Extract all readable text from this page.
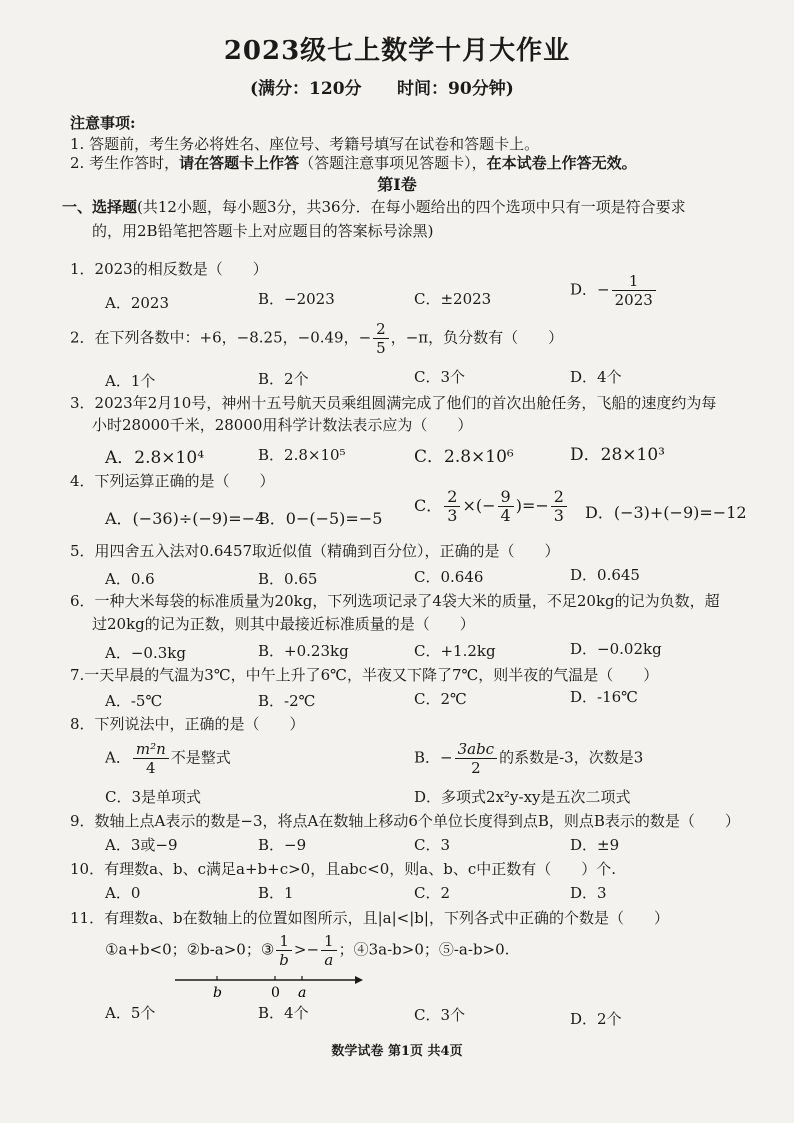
2023级七上数学十月大作业
(满分：120分 时间：90分钟)
注意事项:
1. 答题前，考生务必将姓名、座位号、考籍号填写在试卷和答题卡上。
2. 考生作答时，请在答题卡上作答（答题注意事项见答题卡），在本试卷上作答无效。
第Ⅰ卷
一、选择题(共12小题，每小题3分，共36分．在每小题给出的四个选项中只有一项是符合要求
的，用2B铅笔把答题卡上对应题目的答案标号涂黑)
1．2023的相反数是（　　）
A．2023	B．−2023	C．±2023
D．− $\frac{1}{2023}$
2．在下列各数中：+6，−8.25，−0.49，− $\frac{2}{5}$ ，−π，负分数有（　　）
A．1个	B．2个	C．3个	D．4个
3．2023年2月10号，神州十五号航天员乘组圆满完成了他们的首次出舱任务，飞船的速度约为每
小时28000千米，28000用科学计数法表示应为（　　）
A．2.8×10⁴	B．2.8×10⁵	C．2.8×10⁶	D．28×10³
4．下列运算正确的是（　　）
A．(−36)÷(−9)=−4
B．0−(−5)=−5
C． $\frac{2}{3}$ ×(− $\frac{9}{4}$ )=− $\frac{2}{3}$ D．(−3)+(−9)=−12
5．用四舍五入法对0.6457取近似值（精确到百分位），正确的是（　　）
A．0.6	B．0.65	C．0.646	D．0.645
6．一种大米每袋的标准质量为20kg，下列选项记录了4袋大米的质量，不足20kg的记为负数，超
过20kg的记为正数，则其中最接近标准质量的是（　　）
A．−0.3kg	B．+0.23kg	C．+1.2kg	D．−0.02kg
7.一天早晨的气温为3℃，中午上升了6℃，半夜又下降了7℃，则半夜的气温是（　　）
A．-5℃	B．-2℃	C．2℃	D．-16℃
8．下列说法中，正确的是（　　）
A． $\frac{\text{m²n}}{4}$ 不是整式	B．− $\frac{\text{3abc}}{2}$ 的系数是-3，次数是3
C．3是单项式	D．多项式2x²y-xy是五次二项式
9．数轴上点A表示的数是−3，将点A在数轴上移动6个单位长度得到点B，则点B表示的数是（　　）
A．3或−9	B．−9	C．3	D．±9
10．有理数a、b、c满足a+b+c>0，且abc<0，则a、b、c中正数有（　　）个.
A．0	B．1	C．2	D．3
11．有理数a、b在数轴上的位置如图所示，且|a|<|b|，下列各式中正确的个数是（　　）
①a+b<0；②b-a>0；③ $\frac{1}{b} >- \frac{1}{a}$ ；④3a-b>0；⑤-a-b>0.
b	0 a
A．5个	B．4个	C．3个	D．2个
数学试卷 第1页 共4页
